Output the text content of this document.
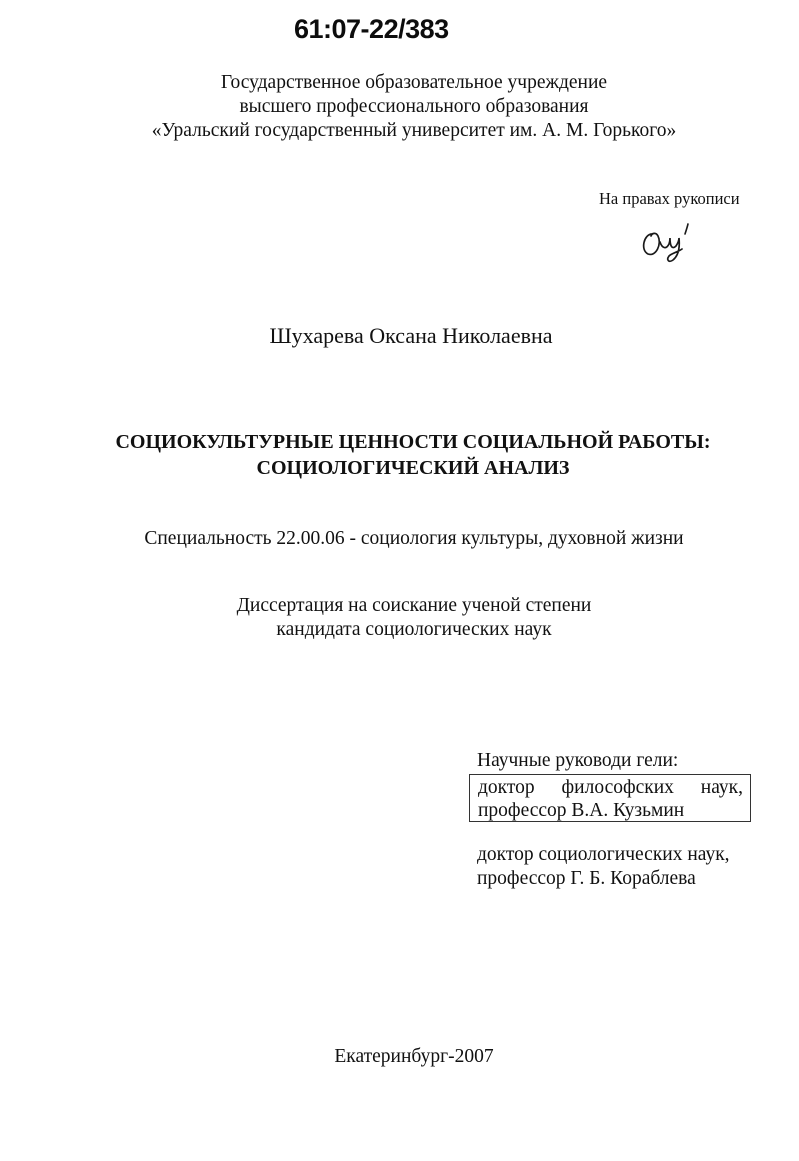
61:07-22/383
Государственное образовательное учреждение
высшего профессионального образования
«Уральский государственный университет им. А. М. Горького»
На правах рукописи
Шухарева Оксана Николаевна
СОЦИОКУЛЬТУРНЫЕ ЦЕННОСТИ СОЦИАЛЬНОЙ РАБОТЫ:
СОЦИОЛОГИЧЕСКИЙ АНАЛИЗ
Специальность 22.00.06 - социология культуры, духовной жизни
Диссертация на соискание ученой степени
кандидата социологических наук
Научные руководи гели:
доктор философских наук,
профессор В.А. Кузьмин
доктор социологических наук,
профессор Г. Б. Кораблева
Екатеринбург-2007
